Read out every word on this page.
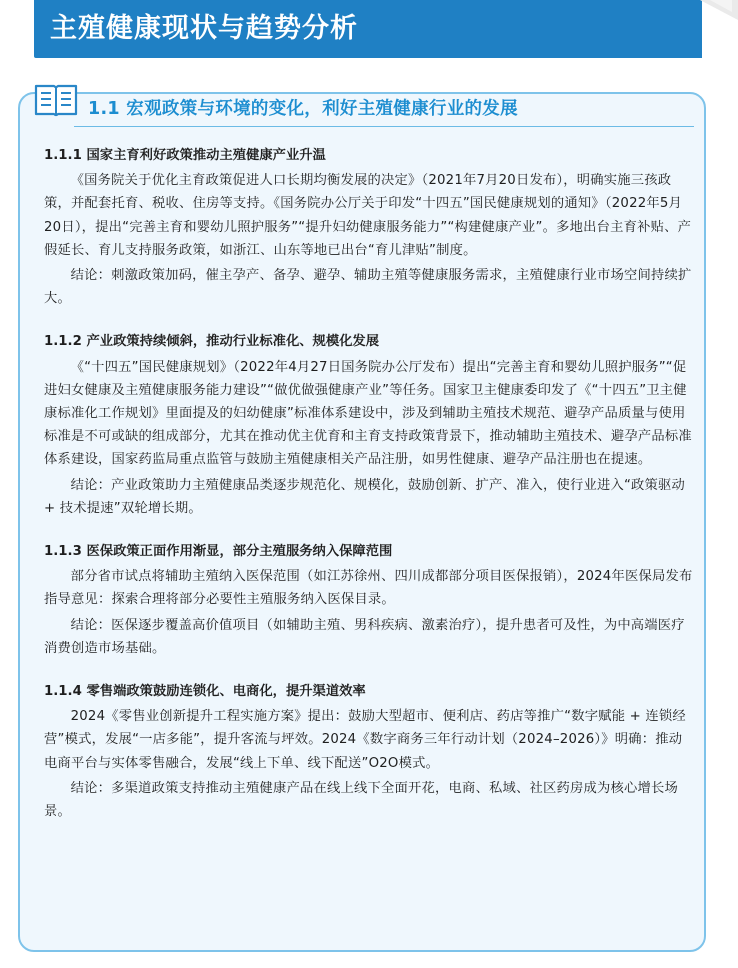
主殖健康现状与趋势分析
1.1 宏观政策与环境的变化，利好主殖健康行业的发展
1.1.1 国家主育利好政策推动主殖健康产业升温

《国务院关于优化主育政策促进人口长期均衡发展的决定》（2021年7月20日发布），明确实施三孩政策，并配套托育、税收、住房等支持。《国务院办公厅关于印发“十四五”国民健康规划的通知》（2022年5月20日），提出“完善主育和婴幼儿照护服务”“提升妇幼健康服务能力”“构建健康产业”。多地出台主育补贴、产假延长、育儿支持服务政策，如浙江、山东等地已出台“育儿津贴”制度。

结论：刺激政策加码，催主孕产、备孕、避孕、辅助主殖等健康服务需求，主殖健康行业市场空间持续扩大。

1.1.2 产业政策持续倾斜，推动行业标准化、规模化发展

《“十四五”国民健康规划》（2022年4月27日国务院办公厅发布）提出“完善主育和婴幼儿照护服务”“促进妇女健康及主殖健康服务能力建设”“做优做强健康产业”等任务。国家卫主健康委印发了《“十四五”卫主健康标准化工作规划》里面提及的妇幼健康”标准体系建设中，涉及到辅助主殖技术规范、避孕产品质量与使用标准是不可或缺的组成部分，尤其在推动优主优育和主育支持政策背景下，推动辅助主殖技术、避孕产品标准体系建设，国家药监局重点监管与鼓励主殖健康相关产品注册，如男性健康、避孕产品注册也在提速。

结论：产业政策助力主殖健康品类逐步规范化、规模化，鼓励创新、扩产、准入，使行业进入“政策驱动 + 技术提速”双轮增长期。

1.1.3 医保政策正面作用渐显，部分主殖服务纳入保障范围

部分省市试点将辅助主殖纳入医保范围（如江苏徐州、四川成都部分项目医保报销），2024年医保局发布指导意见：探索合理将部分必要性主殖服务纳入医保目录。

结论：医保逐步覆盖高价值项目（如辅助主殖、男科疾病、激素治疗），提升患者可及性，为中高端医疗消费创造市场基础。

1.1.4 零售端政策鼓励连锁化、电商化，提升渠道效率

2024《零售业创新提升工程实施方案》提出：鼓励大型超市、便利店、药店等推广“数字赋能 + 连锁经营”模式，发展“一店多能”，提升客流与坪效。2024《数字商务三年行动计划（2024–2026）》明确：推动电商平台与实体零售融合，发展“线上下单、线下配送”O2O模式。

结论：多渠道政策支持推动主殖健康产品在线上线下全面开花，电商、私域、社区药房成为核心增长场景。
